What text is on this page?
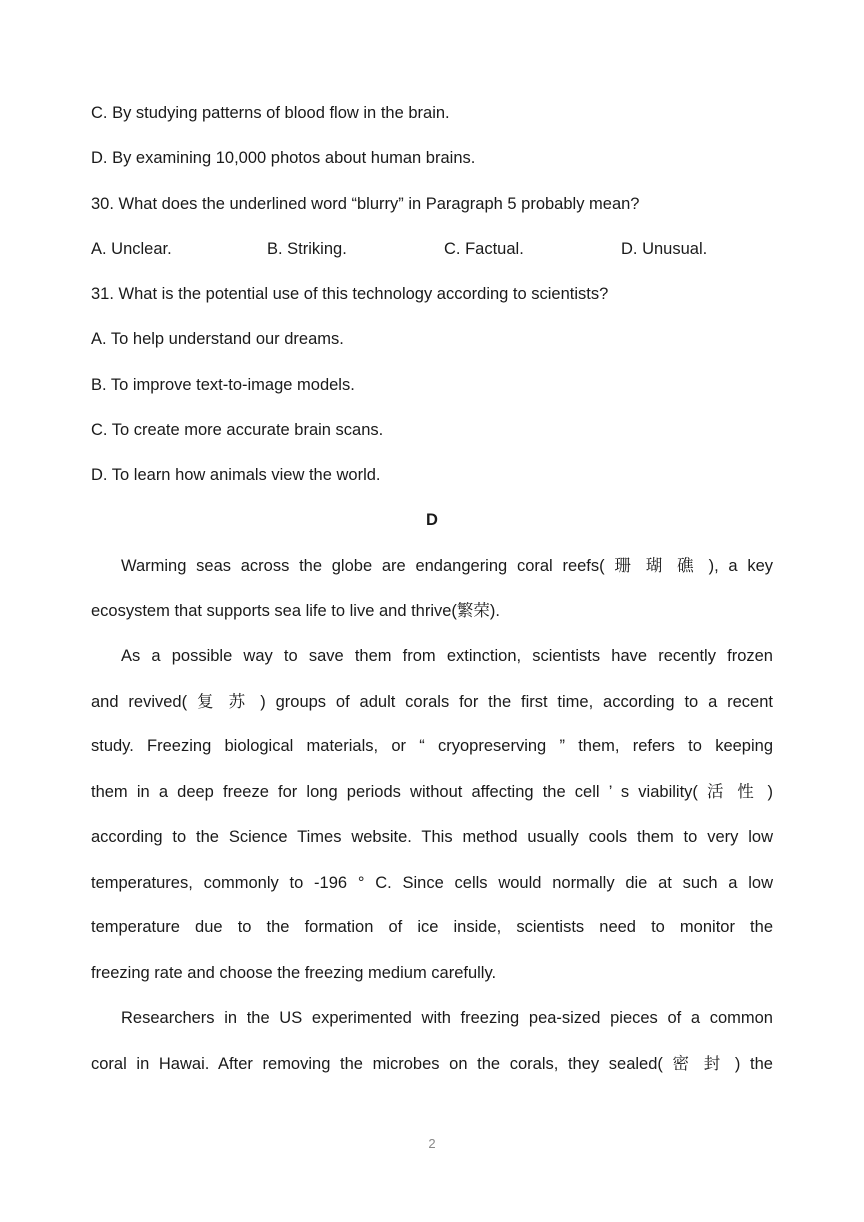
C. By studying patterns of blood flow in the brain.
D. By examining 10,000 photos about human brains.
30. What does the underlined word “blurry” in Paragraph 5 probably mean?
A. Unclear.	B. Striking.	C. Factual.	D. Unusual.
31. What is the potential use of this technology according to scientists?
A. To help understand our dreams.
B. To improve text-to-image models.
C. To create more accurate brain scans.
D. To learn how animals view the world.
D
Warming seas across the globe are endangering coral reefs( 珊 瑚 礁 ), a key
ecosystem that supports sea life to live and thrive(繁荣).
As a possible way to save them from extinction, scientists have recently frozen
and revived( 复 苏 ) groups of adult corals for the first time, according to a recent
study. Freezing biological materials, or “ cryopreserving ” them, refers to keeping
them in a deep freeze for long periods without affecting the cell ’ s viability( 活 性 )
according to the Science Times website. This method usually cools them to very low
temperatures, commonly to -196 ° C. Since cells would normally die at such a low
temperature due to the formation of ice inside, scientists need to monitor the
freezing rate and choose the freezing medium carefully.
Researchers in the US experimented with freezing pea-sized pieces of a common
coral in Hawai. After removing the microbes on the corals, they sealed( 密 封 ) the
2
